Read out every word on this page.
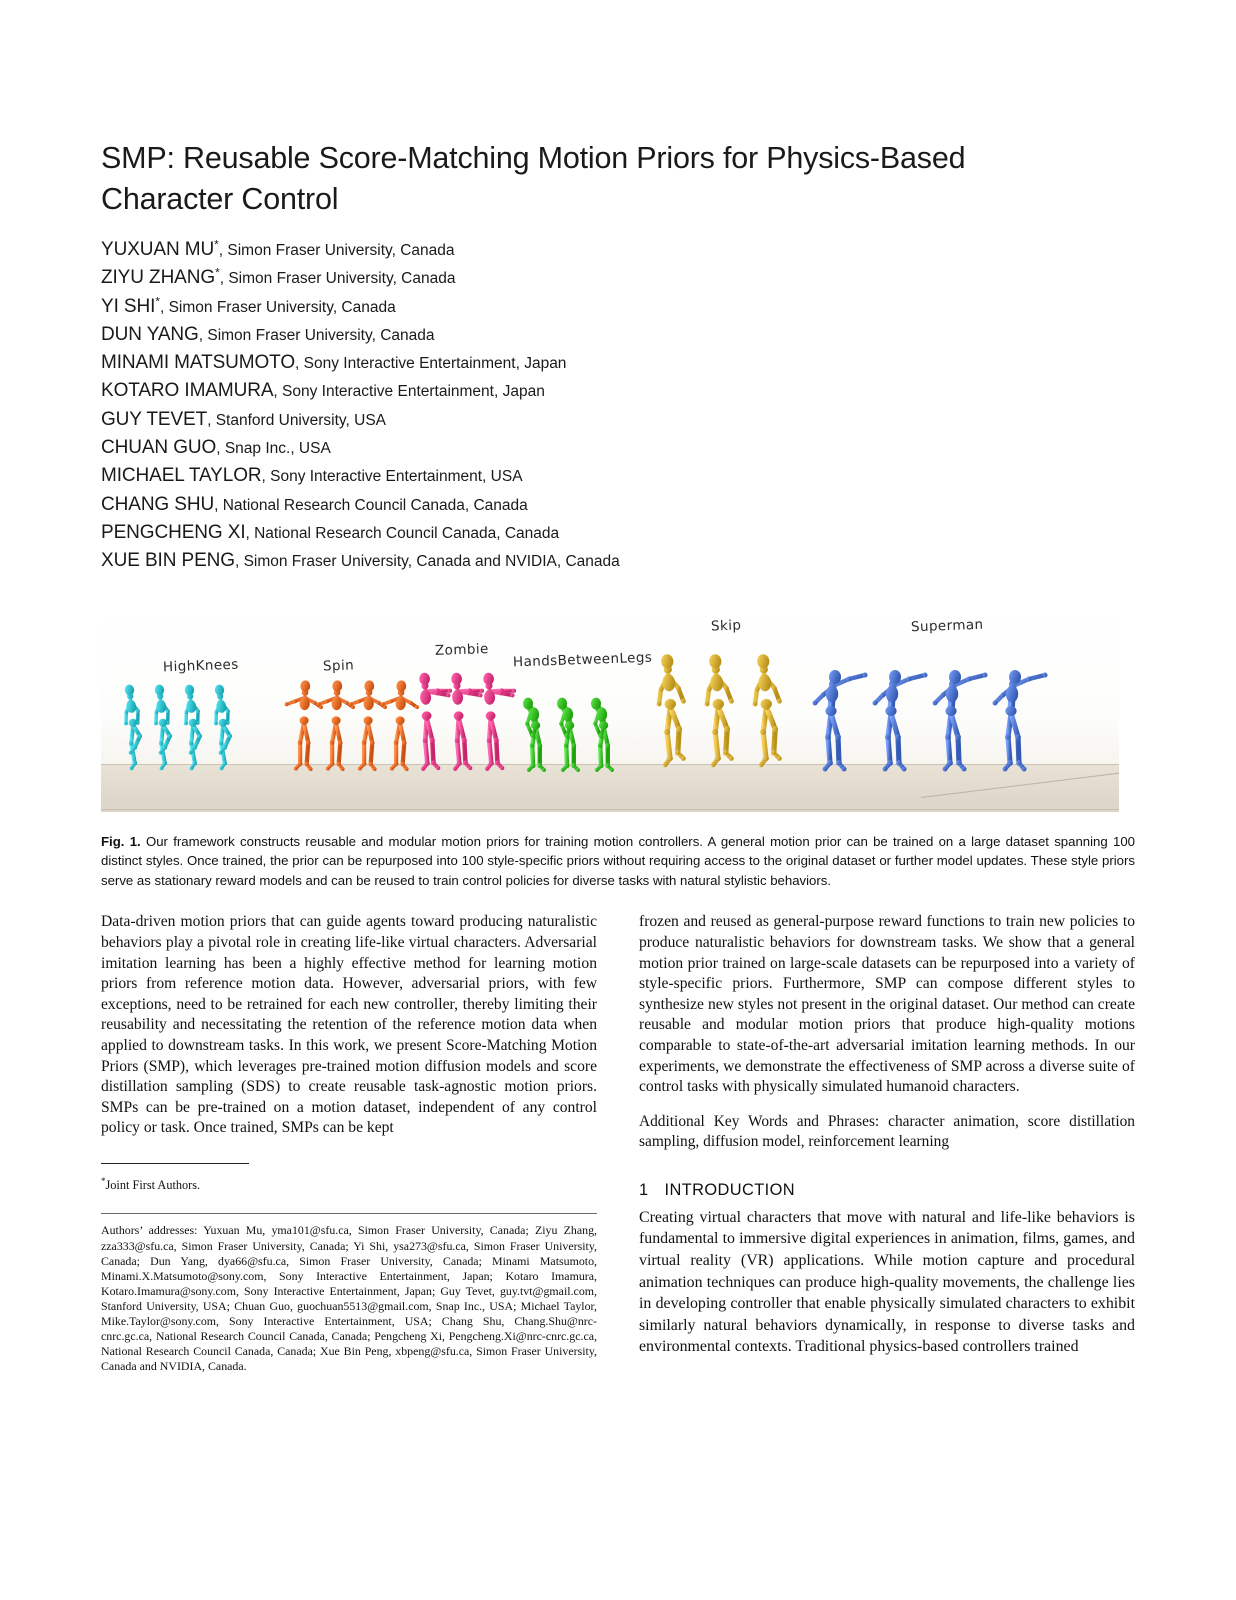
SMP: Reusable Score-Matching Motion Priors for Physics-Based Character Control
YUXUAN MU*, Simon Fraser University, Canada
ZIYU ZHANG*, Simon Fraser University, Canada
YI SHI*, Simon Fraser University, Canada
DUN YANG, Simon Fraser University, Canada
MINAMI MATSUMOTO, Sony Interactive Entertainment, Japan
KOTARO IMAMURA, Sony Interactive Entertainment, Japan
GUY TEVET, Stanford University, USA
CHUAN GUO, Snap Inc., USA
MICHAEL TAYLOR, Sony Interactive Entertainment, USA
CHANG SHU, National Research Council Canada, Canada
PENGCHENG XI, National Research Council Canada, Canada
XUE BIN PENG, Simon Fraser University, Canada and NVIDIA, Canada
HighKnees	Spin
Zombie HandsBetweenLegs
Skip	Superman
Fig. 1. Our framework constructs reusable and modular motion priors for training motion controllers. A general motion prior can be trained on a large dataset spanning 100 distinct styles. Once trained, the prior can be repurposed into 100 style-specific priors without requiring access to the original dataset or further model updates. These style priors serve as stationary reward models and can be reused to train control policies for diverse tasks with natural stylistic behaviors.

Data-driven motion priors that can guide agents toward producing naturalistic behaviors play a pivotal role in creating life-like virtual characters. Adversarial imitation learning has been a highly effective method for learning motion priors from reference motion data. However, adversarial priors, with few exceptions, need to be retrained for each new controller, thereby limiting their reusability and necessitating the retention of the reference motion data when applied to downstream tasks. In this work, we present Score-Matching Motion Priors (SMP), which leverages pre-trained motion diffusion models and score distillation sampling (SDS) to create reusable task-agnostic motion priors. SMPs can be pre-trained on a motion dataset, independent of any control policy or task. Once trained, SMPs can be kept

*Joint First Authors.

Authors’ addresses: Yuxuan Mu, yma101@sfu.ca, Simon Fraser University, Canada; Ziyu Zhang, zza333@sfu.ca, Simon Fraser University, Canada; Yi Shi, ysa273@sfu.ca, Simon Fraser University, Canada; Dun Yang, dya66@sfu.ca, Simon Fraser University, Canada; Minami Matsumoto, Minami.X.Matsumoto@sony.com, Sony Interactive Entertainment, Japan; Kotaro Imamura, Kotaro.Imamura@sony.com, Sony Interactive Entertainment, Japan; Guy Tevet, guy.tvt@gmail.com, Stanford University, USA; Chuan Guo, guochuan5513@gmail.com, Snap Inc., USA; Michael Taylor, Mike.Taylor@sony.com, Sony Interactive Entertainment, USA; Chang Shu, Chang.Shu@nrc-cnrc.gc.ca, National Research Council Canada, Canada; Pengcheng Xi, Pengcheng.Xi@nrc-cnrc.gc.ca, National Research Council Canada, Canada; Xue Bin Peng, xbpeng@sfu.ca, Simon Fraser University, Canada and NVIDIA, Canada.

frozen and reused as general-purpose reward functions to train new policies to produce naturalistic behaviors for downstream tasks. We show that a general motion prior trained on large-scale datasets can be repurposed into a variety of style-specific priors. Furthermore, SMP can compose different styles to synthesize new styles not present in the original dataset. Our method can create reusable and modular motion priors that produce high-quality motions comparable to state-of-the-art adversarial imitation learning methods. In our experiments, we demonstrate the effectiveness of SMP across a diverse suite of control tasks with physically simulated humanoid characters.

Additional Key Words and Phrases: character animation, score distillation sampling, diffusion model, reinforcement learning

1 INTRODUCTION

Creating virtual characters that move with natural and life-like behaviors is fundamental to immersive digital experiences in animation, films, games, and virtual reality (VR) applications. While motion capture and procedural animation techniques can produce high-quality movements, the challenge lies in developing controller that enable physically simulated characters to exhibit similarly natural behaviors dynamically, in response to diverse tasks and environmental contexts. Traditional physics-based controllers trained
